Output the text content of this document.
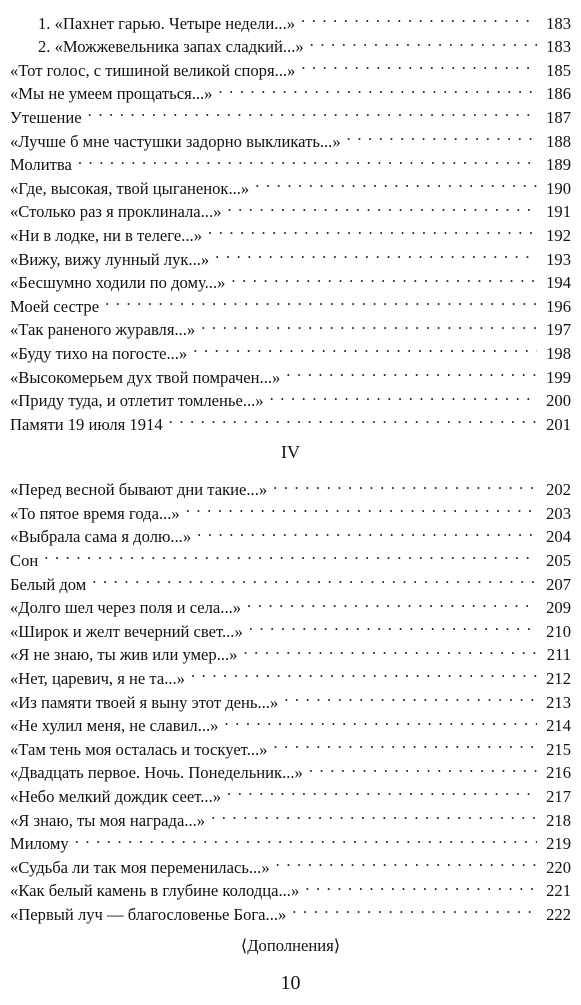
1. «Пахнет гарью. Четыре недели...» . . .	183
2. «Можжевельника запах сладкий...» . . .	183
«Тот голос, с тишиной великой споря...» . . .	185
«Мы не умеем прощаться...» . . .	186
Утешение . . .	187
«Лучше б мне частушки задорно выкликать...» . . .	188
Молитва . . .	189
«Где, высокая, твой цыганенок...» . . .	190
«Столько раз я проклинала...» . . .	191
«Ни в лодке, ни в телеге...» . . .	192
«Вижу, вижу лунный лук...» . . .	193
«Бесшумно ходили по дому...» . . .	194
Моей сестре . . .	196
«Так раненого журавля...» . . .	197
«Буду тихо на погосте...» . . .	198
«Высокомерьем дух твой помрачен...» . . .	199
«Приду туда, и отлетит томленье...» . . .	200
Памяти 19 июля 1914 . . .	201
IV
«Перед весной бывают дни такие...» . . .	202
«То пятое время года...» . . .	203
«Выбрала сама я долю...» . . .	204
Сон . . .	205
Белый дом . . .	207
«Долго шел через поля и села...» . . .	209
«Широк и желт вечерний свет...» . . .	210
«Я не знаю, ты жив или умер...» . . .	211
«Нет, царевич, я не та...» . . .	212
«Из памяти твоей я выну этот день...» . . .	213
«Не хулил меня, не славил...» . . .	214
«Там тень моя осталась и тоскует...» . . .	215
«Двадцать первое. Ночь. Понедельник...» . . .	216
«Небо мелкий дождик сеет...» . . .	217
«Я знаю, ты моя награда...» . . .	218
Милому . . .	219
«Судьба ли так моя переменилась...» . . .	220
«Как белый камень в глубине колодца...» . . .	221
«Первый луч — благословенье Бога...» . . .	222
⟨Дополнения⟩
10
